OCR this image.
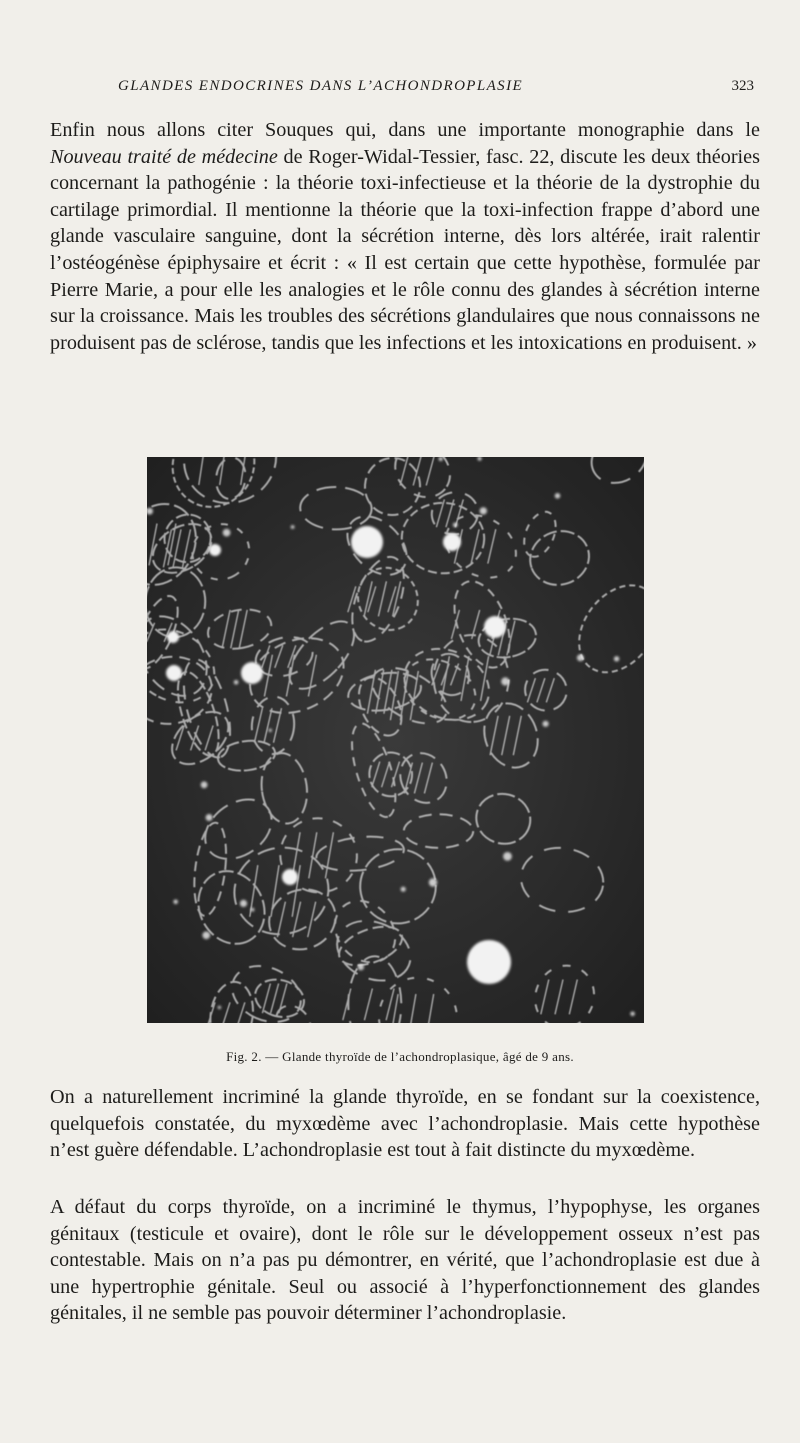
GLANDES ENDOCRINES DANS L’ACHONDROPLASIE	323

Enfin nous allons citer Souques qui, dans une importante monographie dans le Nouveau traité de médecine de Roger-Widal-Tessier, fasc. 22, discute les deux théories concernant la pathogénie : la théorie toxi-infectieuse et la théorie de la dystrophie du cartilage primordial. Il mentionne la théorie que la toxi-infection frappe d’abord une glande vasculaire sanguine, dont la sécrétion interne, dès lors altérée, irait ralentir l’ostéogénèse épiphysaire et écrit : « Il est certain que cette hypothèse, formulée par Pierre Marie, a pour elle les analogies et le rôle connu des glandes à sécrétion interne sur la croissance. Mais les troubles des sécrétions glandulaires que nous connaissons ne produisent pas de sclérose, tandis que les infections et les intoxications en produisent. »

Fig. 2. — Glande thyroïde de l’achondroplasique, âgé de 9 ans.

On a naturellement incriminé la glande thyroïde, en se fondant sur la coexistence, quelquefois constatée, du myxœdème avec l’achondroplasie. Mais cette hypothèse n’est guère défendable. L’achondroplasie est tout à fait distincte du myxœdème.

A défaut du corps thyroïde, on a incriminé le thymus, l’hypophyse, les organes génitaux (testicule et ovaire), dont le rôle sur le développement osseux n’est pas contestable. Mais on n’a pas pu démontrer, en vérité, que l’achondroplasie est due à une hypertrophie génitale. Seul ou associé à l’hyperfonctionnement des glandes génitales, il ne semble pas pouvoir déterminer l’achondroplasie.
